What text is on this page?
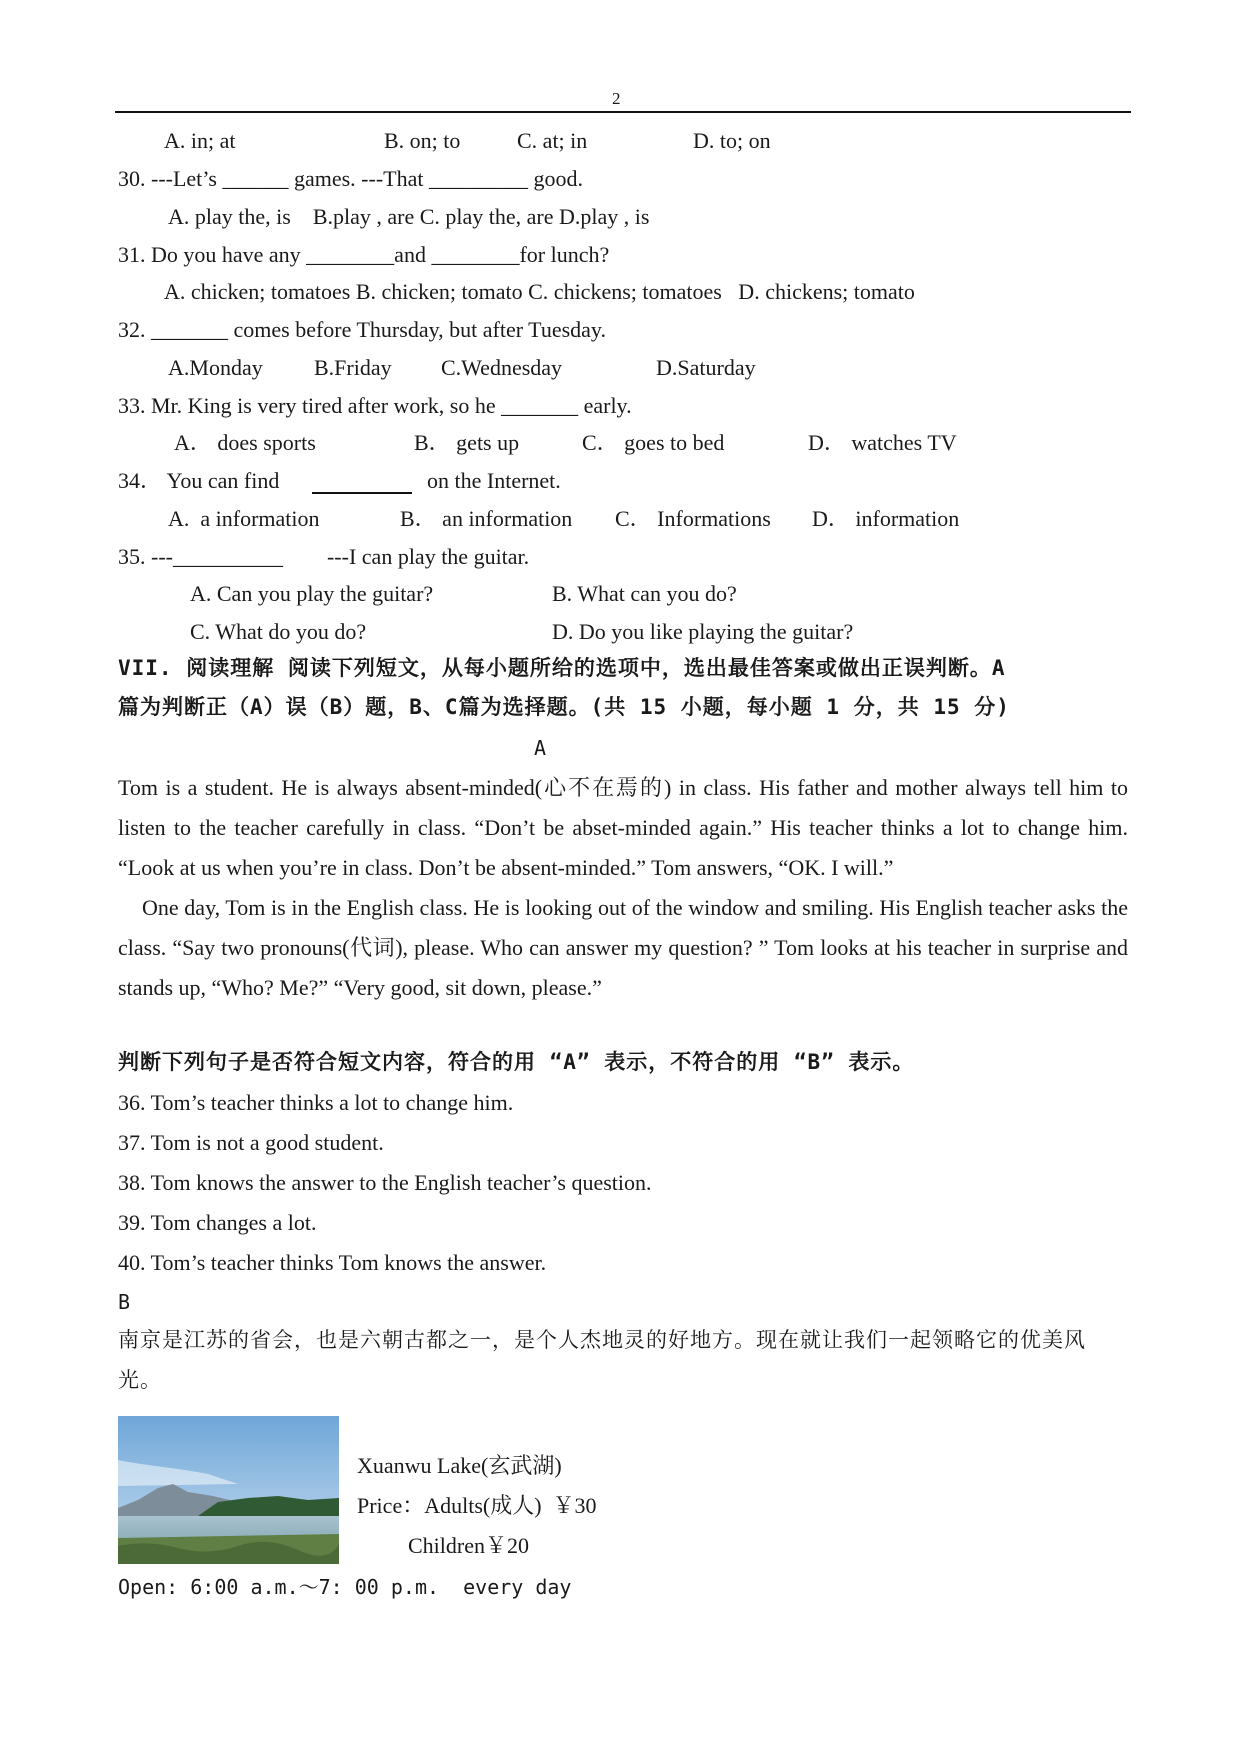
2
A. in; at	B. on; to	C. at; in	D. to; on
30. ---Let’s ______ games. ---That _________ good.
A. play the, is    B.play , are C. play the, are D.play , is
31. Do you have any ________and ________for lunch?
A. chicken; tomatoes B. chicken; tomato C. chickens; tomatoes   D. chickens; tomato
32. _______ comes before Thursday, but after Tuesday.
A.Monday B.Friday C.Wednesday	D.Saturday
33. Mr. King is very tired after work, so he _______ early.
A． does sports	B． gets up	C． goes to bed	D． watches TV
34． You can find	on the Internet.
A.  a information	B． an information C． Informations D． information
35. ---__________        ---I can play the guitar.
A. Can you play the guitar?	B. What can you do?
C. What do you do?	D. Do you like playing the guitar?
VII. 阅读理解 阅读下列短文，从每小题所给的选项中，选出最佳答案或做出正误判断。A
篇为判断正（A）误（B）题，B、C篇为选择题。(共 15 小题，每小题 1 分，共 15 分)
A

Tom is a student. He is always absent-minded(心不在焉的) in class. His father and mother always tell him to listen to the teacher carefully in class. “Don’t be abset-minded again.” His teacher thinks a lot to change him. “Look at us when you’re in class. Don’t be absent-minded.” Tom answers, “OK. I will.”

One day, Tom is in the English class. He is looking out of the window and smiling. His English teacher asks the class. “Say two pronouns(代词), please. Who can answer my question? ” Tom looks at his teacher in surprise and stands up, “Who? Me?” “Very good, sit down, please.”

判断下列句子是否符合短文内容，符合的用 “A” 表示，不符合的用 “B” 表示。
36. Tom’s teacher thinks a lot to change him.
37. Tom is not a good student.
38. Tom knows the answer to the English teacher’s question.
39. Tom changes a lot.
40. Tom’s teacher thinks Tom knows the answer.
B
南京是江苏的省会，也是六朝古都之一，是个人杰地灵的好地方。现在就让我们一起领略它的优美风光。
Xuanwu Lake(玄武湖)
Price：Adults(成人)  ￥30
Children￥20
Open: 6:00 a.m.～7: 00 p.m.  every day
